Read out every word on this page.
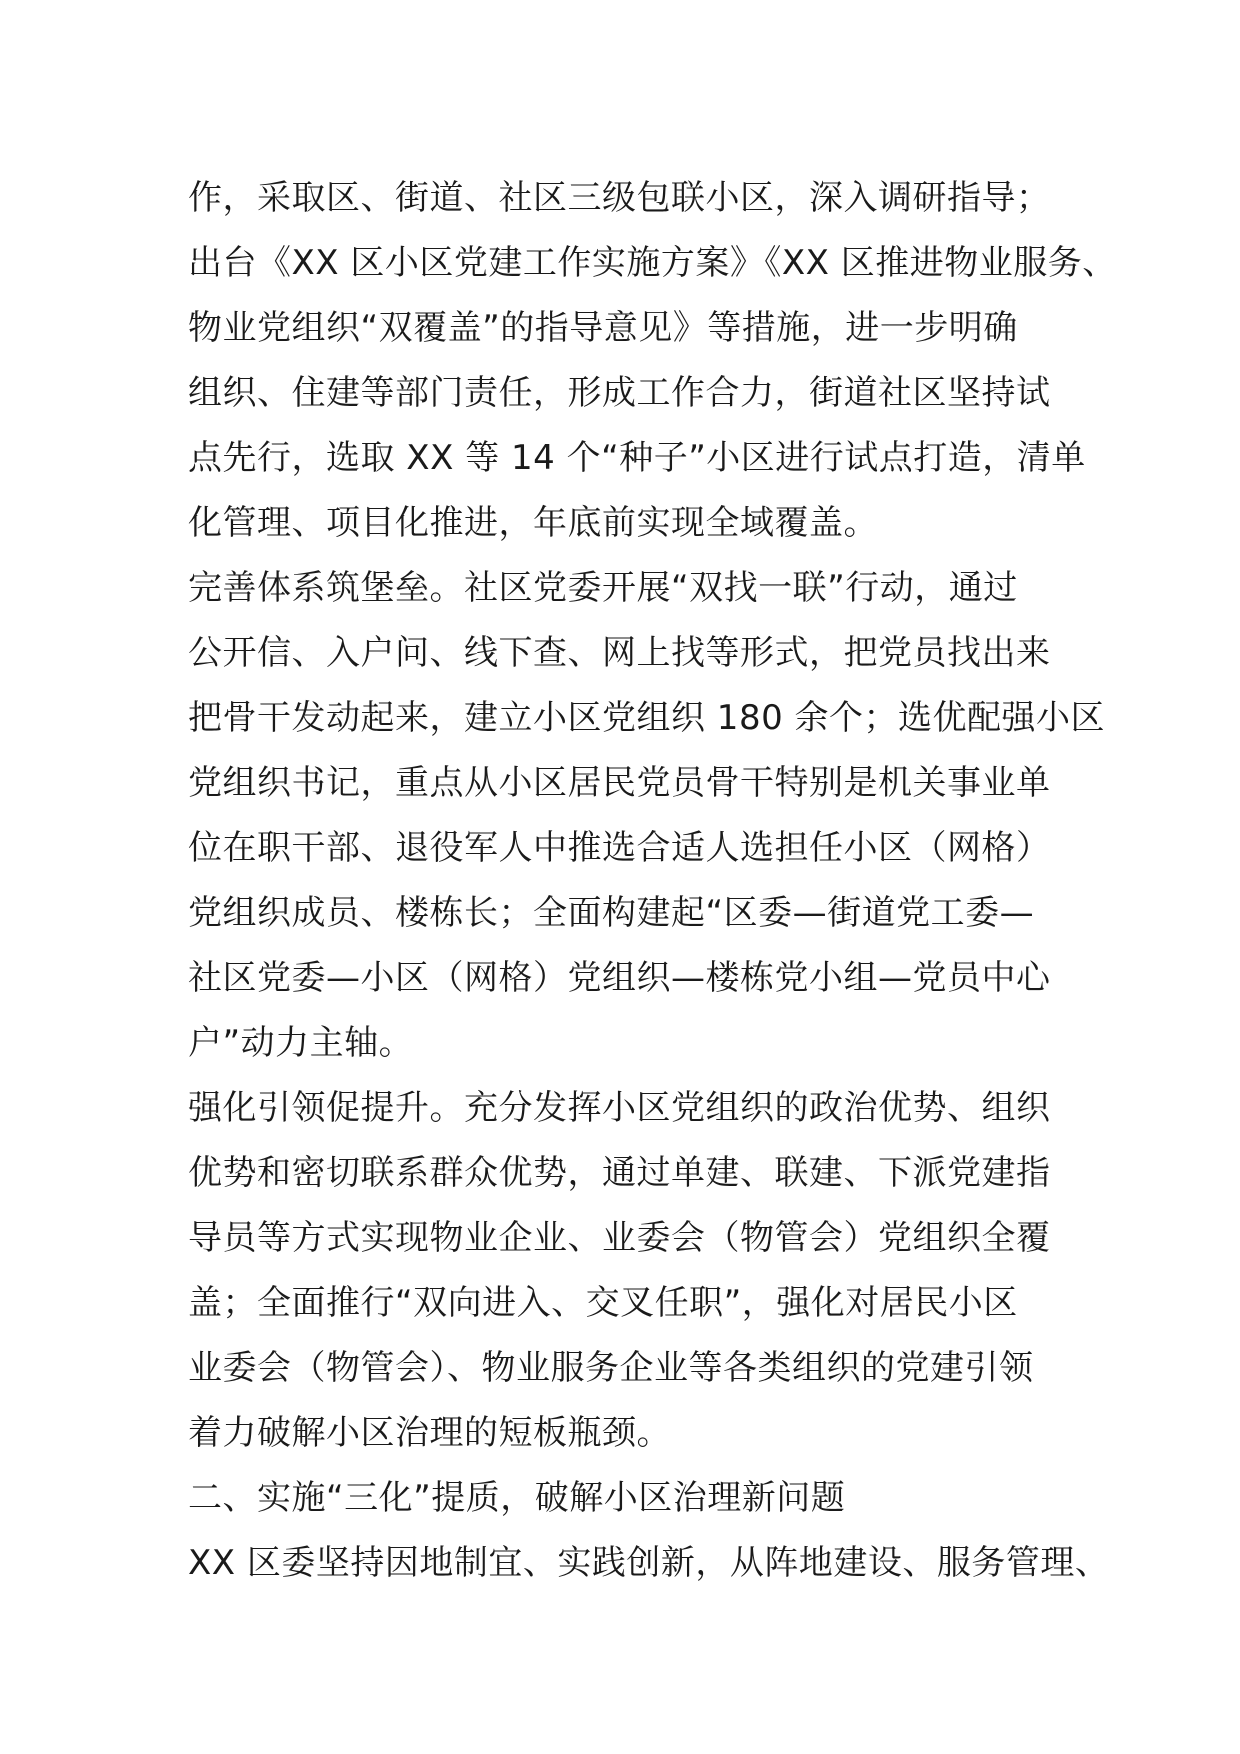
作，采取区、街道、社区三级包联小区，深入调研指导；
出台《XX 区小区党建工作实施方案》《XX 区推进物业服务、
物业党组织“双覆盖”的指导意见》等措施，进一步明确
组织、住建等部门责任，形成工作合力，街道社区坚持试
点先行，选取 XX 等 14 个“种子”小区进行试点打造，清单
化管理、项目化推进，年底前实现全域覆盖。
完善体系筑堡垒。社区党委开展“双找一联”行动，通过
公开信、入户问、线下查、网上找等形式，把党员找出来
把骨干发动起来，建立小区党组织 180 余个；选优配强小区
党组织书记，重点从小区居民党员骨干特别是机关事业单
位在职干部、退役军人中推选合适人选担任小区（网格）
党组织成员、楼栋长；全面构建起“区委—街道党工委—
社区党委—小区（网格）党组织—楼栋党小组—党员中心
户”动力主轴。
强化引领促提升。充分发挥小区党组织的政治优势、组织
优势和密切联系群众优势，通过单建、联建、下派党建指
导员等方式实现物业企业、业委会（物管会）党组织全覆
盖；全面推行“双向进入、交叉任职”，强化对居民小区
业委会（物管会）、物业服务企业等各类组织的党建引领
着力破解小区治理的短板瓶颈。
二、实施“三化”提质，破解小区治理新问题
XX 区委坚持因地制宜、实践创新，从阵地建设、服务管理、
